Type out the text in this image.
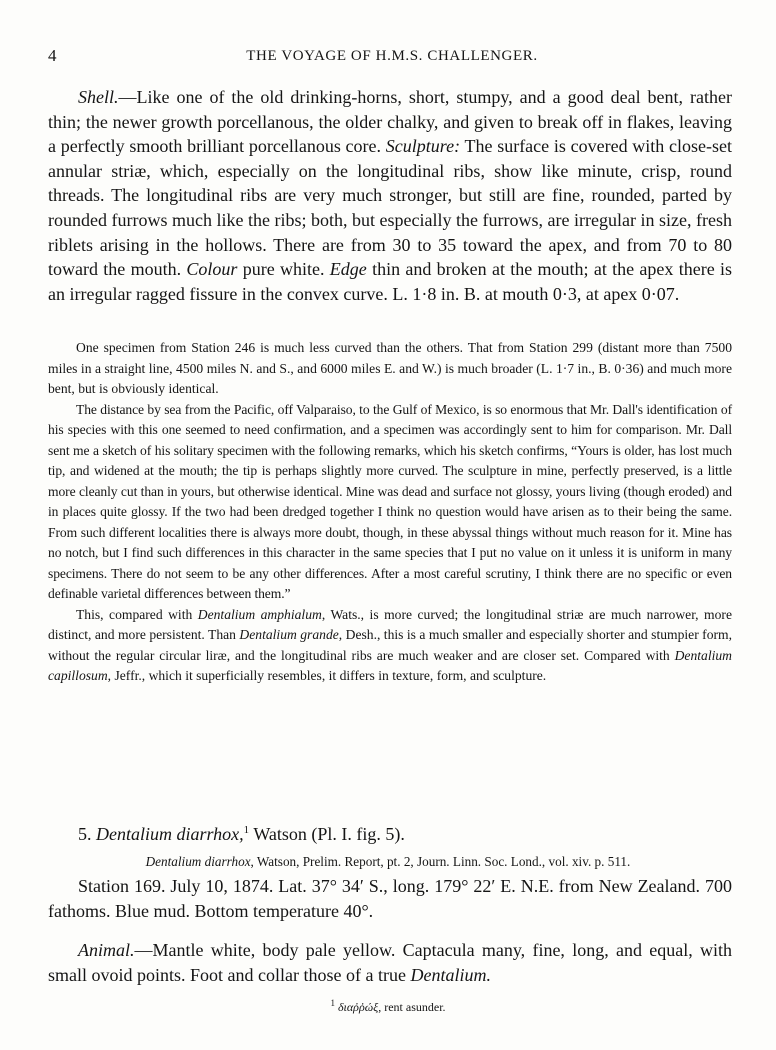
4	THE VOYAGE OF H.M.S. CHALLENGER.

Shell.—Like one of the old drinking-horns, short, stumpy, and a good deal bent, rather thin; the newer growth porcellanous, the older chalky, and given to break off in flakes, leaving a perfectly smooth brilliant porcellanous core. Sculpture: The surface is covered with close-set annular striæ, which, especially on the longitudinal ribs, show like minute, crisp, round threads. The longitudinal ribs are very much stronger, but still are fine, rounded, parted by rounded furrows much like the ribs; both, but especially the furrows, are irregular in size, fresh riblets arising in the hollows. There are from 30 to 35 toward the apex, and from 70 to 80 toward the mouth. Colour pure white. Edge thin and broken at the mouth; at the apex there is an irregular ragged fissure in the convex curve. L. 1·8 in. B. at mouth 0·3, at apex 0·07.

One specimen from Station 246 is much less curved than the others. That from Station 299 (distant more than 7500 miles in a straight line, 4500 miles N. and S., and 6000 miles E. and W.) is much broader (L. 1·7 in., B. 0·36) and much more bent, but is obviously identical.

The distance by sea from the Pacific, off Valparaiso, to the Gulf of Mexico, is so enormous that Mr. Dall's identification of his species with this one seemed to need confirmation, and a specimen was accordingly sent to him for comparison. Mr. Dall sent me a sketch of his solitary specimen with the following remarks, which his sketch confirms, “Yours is older, has lost much tip, and widened at the mouth; the tip is perhaps slightly more curved. The sculpture in mine, perfectly preserved, is a little more cleanly cut than in yours, but otherwise identical. Mine was dead and surface not glossy, yours living (though eroded) and in places quite glossy. If the two had been dredged together I think no question would have arisen as to their being the same. From such different localities there is always more doubt, though, in these abyssal things without much reason for it. Mine has no notch, but I find such differences in this character in the same species that I put no value on it unless it is uniform in many specimens. There do not seem to be any other differences. After a most careful scrutiny, I think there are no specific or even definable varietal differences between them.”

This, compared with Dentalium amphialum, Wats., is more curved; the longitudinal striæ are much narrower, more distinct, and more persistent. Than Dentalium grande, Desh., this is a much smaller and especially shorter and stumpier form, without the regular circular liræ, and the longitudinal ribs are much weaker and are closer set. Compared with Dentalium capillosum, Jeffr., which it superficially resembles, it differs in texture, form, and sculpture.

5. Dentalium diarrhox,$^1$ Watson (Pl. I. fig. 5).

Dentalium diarrhox, Watson, Prelim. Report, pt. 2, Journ. Linn. Soc. Lond., vol. xiv. p. 511.

Station 169. July 10, 1874. Lat. 37° 34′ S., long. 179° 22′ E. N.E. from New Zealand. 700 fathoms. Blue mud. Bottom temperature 40°.

Animal.—Mantle white, body pale yellow. Captacula many, fine, long, and equal, with small ovoid points. Foot and collar those of a true Dentalium.

$^1$ διαῤῥώξ, rent asunder.
